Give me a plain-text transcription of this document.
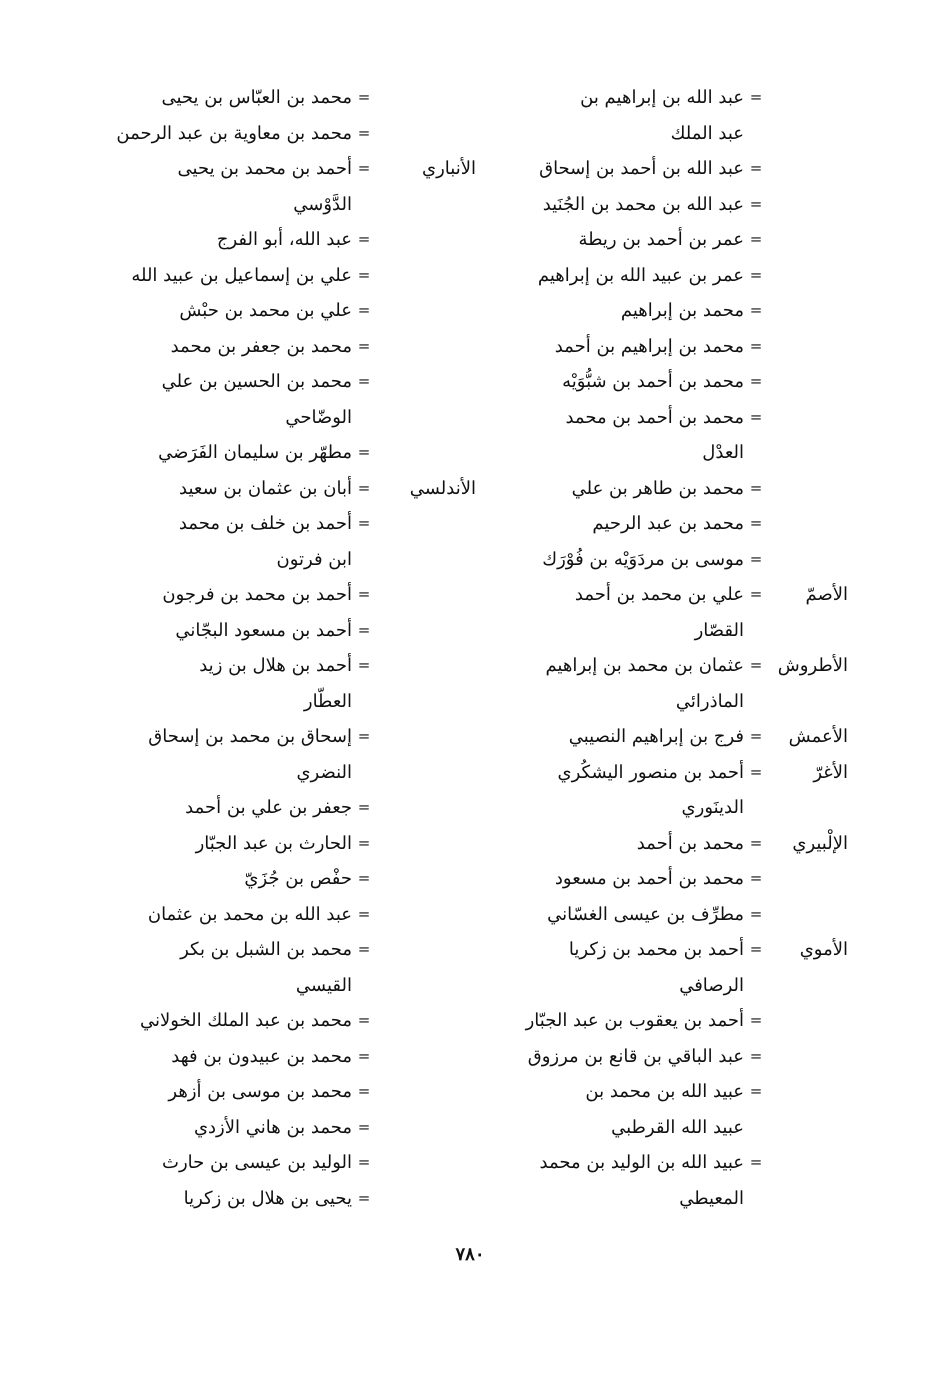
=
عبد الله بن إبراهيم بن
عبد الملك
=
عبد الله بن أحمد بن إسحاق
=
عبد الله بن محمد بن الجُنَيد
=
عمر بن أحمد بن ريطة
=
عمر بن عبيد الله بن إبراهيم
=
محمد بن إبراهيم
=
محمد بن إبراهيم بن أحمد
=
محمد بن أحمد بن شبُّوَيْه
=
محمد بن أحمد بن محمد
العدْل
=
محمد بن طاهر بن علي
=
محمد بن عبد الرحيم
=
موسى بن مردَوَيْه بن فُوْرَك
الأصمّ
=
علي بن محمد بن أحمد
القصّار
الأطروش
=
عثمان بن محمد بن إبراهيم
الماذرائي
الأعمش
=
فرج بن إبراهيم النصيبي
الأغرّ
=
أحمد بن منصور اليشكُري
الدينَوري
الإلْبيري
=
محمد بن أحمد
=
محمد بن أحمد بن مسعود
=
مطرِّف بن عيسى الغسّاني
الأموي
=
أحمد بن محمد بن زكريا
الرصافي
=
أحمد بن يعقوب بن عبد الجبّار
=
عبد الباقي بن قانع بن مرزوق
=
عبيد الله بن محمد بن
عبيد الله القرطبي
=
عبيد الله بن الوليد بن محمد
المعيطي
=
محمد بن العبّاس بن يحيى
=
محمد بن معاوية بن عبد الرحمن
الأنباري
=
أحمد بن محمد بن يحيى
الدَّوْسي
=
عبد الله، أبو الفرج
=
علي بن إسماعيل بن عبيد الله
=
علي بن محمد بن حبْش
=
محمد بن جعفر بن محمد
=
محمد بن الحسين بن علي
الوضّاحي
=
مطهّر بن سليمان الفَرَضي
الأندلسي
=
أبان بن عثمان بن سعيد
=
أحمد بن خلف بن محمد
ابن فرتون
=
أحمد بن محمد بن فرجون
=
أحمد بن مسعود البجّاني
=
أحمد بن هلال بن زيد
العطّار
=
إسحاق بن محمد بن إسحاق
النضري
=
جعفر بن علي بن أحمد
=
الحارث بن عبد الجبّار
=
حفْص بن جُزَيّ
=
عبد الله بن محمد بن عثمان
=
محمد بن الشبل بن بكر
القيسي
=
محمد بن عبد الملك الخولاني
=
محمد بن عبيدون بن فهد
=
محمد بن موسى بن أزهر
=
محمد بن هاني الأزدي
=
الوليد بن عيسى بن حارث
=
يحيى بن هلال بن زكريا
٧٨٠
